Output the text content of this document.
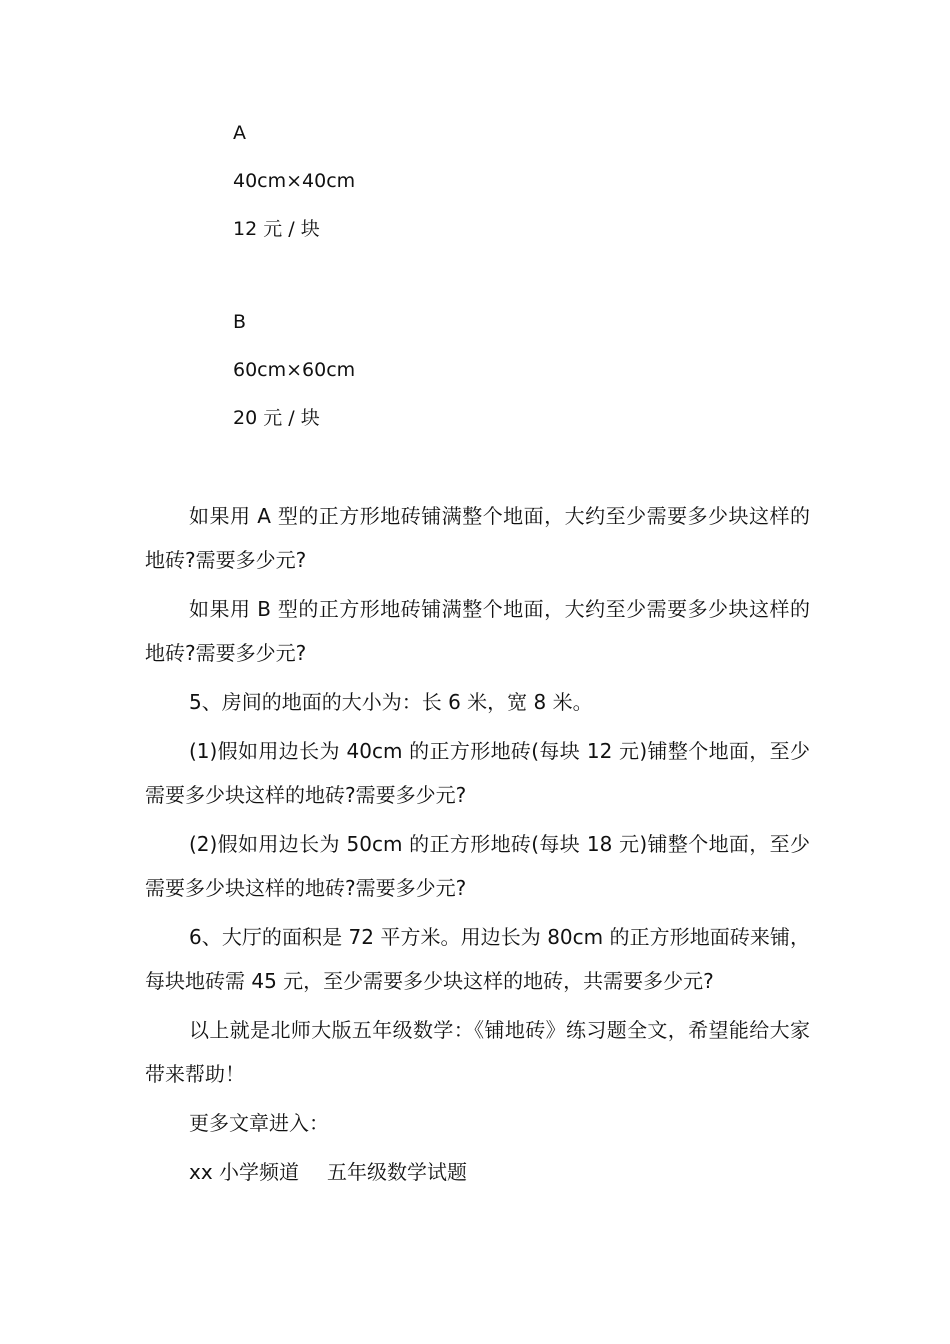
A

40cm×40cm

12 元 / 块

B

60cm×60cm

20 元 / 块

如果用 A 型的正方形地砖铺满整个地面，大约至少需要多少块这样的地砖?需要多少元?

如果用 B 型的正方形地砖铺满整个地面，大约至少需要多少块这样的地砖?需要多少元?

5、房间的地面的大小为：长 6 米，宽 8 米。

(1)假如用边长为 40cm 的正方形地砖(每块 12 元)铺整个地面，至少需要多少块这样的地砖?需要多少元?

(2)假如用边长为 50cm 的正方形地砖(每块 18 元)铺整个地面，至少需要多少块这样的地砖?需要多少元?

6、大厅的面积是 72 平方米。用边长为 80cm 的正方形地面砖来铺，每块地砖需 45 元，至少需要多少块这样的地砖，共需要多少元?

以上就是北师大版五年级数学：《铺地砖》练习题全文，希望能给大家带来帮助！

更多文章进入：

xx 小学频道 五年级数学试题
